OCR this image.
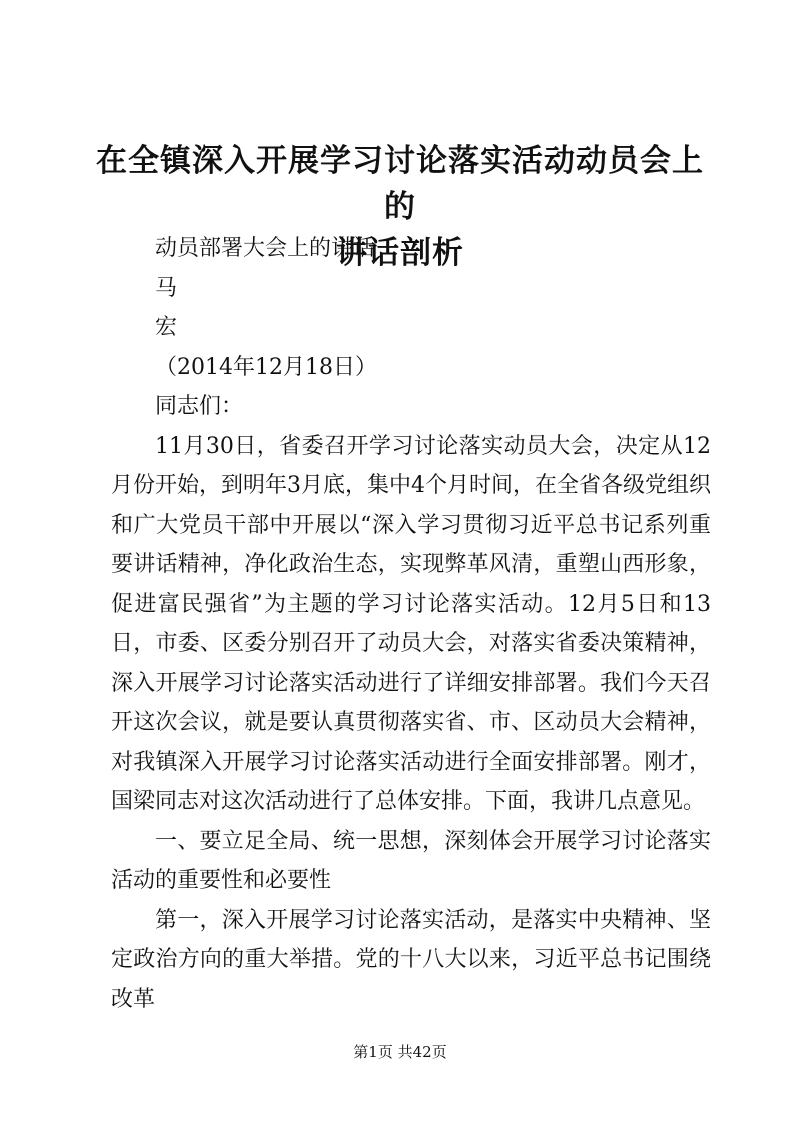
在全镇深入开展学习讨论落实活动动员会上的
讲话剖析

动员部署大会上的讲话

马

宏

（2014年12月18日）

同志们：

11月30日，省委召开学习讨论落实动员大会，决定从12月份开始，到明年3月底，集中4个月时间，在全省各级党组织和广大党员干部中开展以“深入学习贯彻习近平总书记系列重要讲话精神，净化政治生态，实现弊革风清，重塑山西形象，促进富民强省”为主题的学习讨论落实活动。12月5日和13日，市委、区委分别召开了动员大会，对落实省委决策精神，深入开展学习讨论落实活动进行了详细安排部署。我们今天召开这次会议，就是要认真贯彻落实省、市、区动员大会精神，对我镇深入开展学习讨论落实活动进行全面安排部署。刚才，国梁同志对这次活动进行了总体安排。下面，我讲几点意见。

一、要立足全局、统一思想，深刻体会开展学习讨论落实活动的重要性和必要性

第一，深入开展学习讨论落实活动，是落实中央精神、坚定政治方向的重大举措。党的十八大以来，习近平总书记围绕改革

第1页 共42页
